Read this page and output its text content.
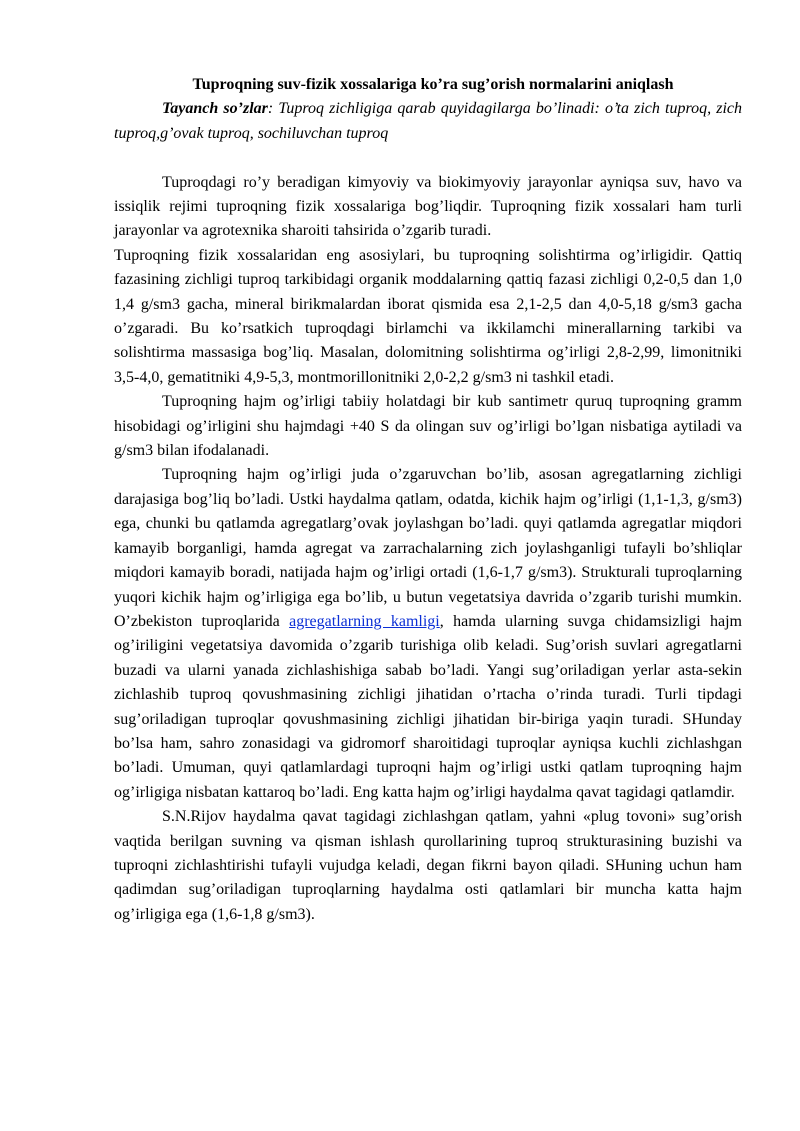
Tuproqning suv-fizik xossalariga ko’ra sug’orish normalarini aniqlash

Tayanch so’zlar: Tuproq zichligiga qarab quyidagilarga bo’linadi: o’ta zich tuproq, zich tuproq,g’ovak tuproq, sochiluvchan tuproq

Tuproqdagi ro’y beradigan kimyoviy va biokimyoviy jarayonlar ayniqsa suv, havo va issiqlik rejimi tuproqning fizik xossalariga bog’liqdir. Tuproqning fizik xossalari ham turli jarayonlar va agrotexnika sharoiti tahsirida o’zgarib turadi.

Tuproqning fizik xossalaridan eng asosiylari, bu tuproqning solishtirma og’irligidir. Qattiq fazasining zichligi tuproq tarkibidagi organik moddalarning qattiq fazasi zichligi 0,2-0,5 dan 1,0 1,4 g/sm3 gacha, mineral birikmalardan iborat qismida esa 2,1-2,5 dan 4,0-5,18 g/sm3 gacha o’zgaradi. Bu ko’rsatkich tuproqdagi birlamchi va ikkilamchi minerallarning tarkibi va solishtirma massasiga bog’liq. Masalan, dolomitning solishtirma og’irligi 2,8-2,99, limonitniki 3,5-4,0, gematitniki 4,9-5,3, montmorillonitniki 2,0-2,2 g/sm3 ni tashkil etadi.

Tuproqning hajm og’irligi tabiiy holatdagi bir kub santimetr quruq tuproqning gramm hisobidagi og’irligini shu hajmdagi +40 S da olingan suv og’irligi bo’lgan nisbatiga aytiladi va g/sm3 bilan ifodalanadi.

Tuproqning hajm og’irligi juda o’zgaruvchan bo’lib, asosan agregatlarning zichligi darajasiga bog’liq bo’ladi. Ustki haydalma qatlam, odatda, kichik hajm og’irligi (1,1-1,3, g/sm3) ega, chunki bu qatlamda agregatlarg’ovak joylashgan bo’ladi. quyi qatlamda agregatlar miqdori kamayib borganligi, hamda agregat va zarrachalarning zich joylashganligi tufayli bo’shliqlar miqdori kamayib boradi, natijada hajm og’irligi ortadi (1,6-1,7 g/sm3). Strukturali tuproqlarning yuqori kichik hajm og’irligiga ega bo’lib, u butun vegetatsiya davrida o’zgarib turishi mumkin. O’zbekiston tuproqlarida agregatlarning kamligi, hamda ularning suvga chidamsizligi hajm og’iriligini vegetatsiya davomida o’zgarib turishiga olib keladi. Sug’orish suvlari agregatlarni buzadi va ularni yanada zichlashishiga sabab bo’ladi. Yangi sug’oriladigan yerlar asta-sekin zichlashib tuproq qovushmasining zichligi jihatidan o’rtacha o’rinda turadi. Turli tipdagi sug’oriladigan tuproqlar qovushmasining zichligi jihatidan bir-biriga yaqin turadi. SHunday bo’lsa ham, sahro zonasidagi va gidromorf sharoitidagi tuproqlar ayniqsa kuchli zichlashgan bo’ladi. Umuman, quyi qatlamlardagi tuproqni hajm og’irligi ustki qatlam tuproqning hajm og’irligiga nisbatan kattaroq bo’ladi. Eng katta hajm og’irligi haydalma qavat tagidagi qatlamdir.

S.N.Rijov haydalma qavat tagidagi zichlashgan qatlam, yahni «plug tovoni» sug’orish vaqtida berilgan suvning va qisman ishlash qurollarining tuproq strukturasining buzishi va tuproqni zichlashtirishi tufayli vujudga keladi, degan fikrni bayon qiladi. SHuning uchun ham qadimdan sug’oriladigan tuproqlarning haydalma osti qatlamlari bir muncha katta hajm og’irligiga ega (1,6-1,8 g/sm3).
